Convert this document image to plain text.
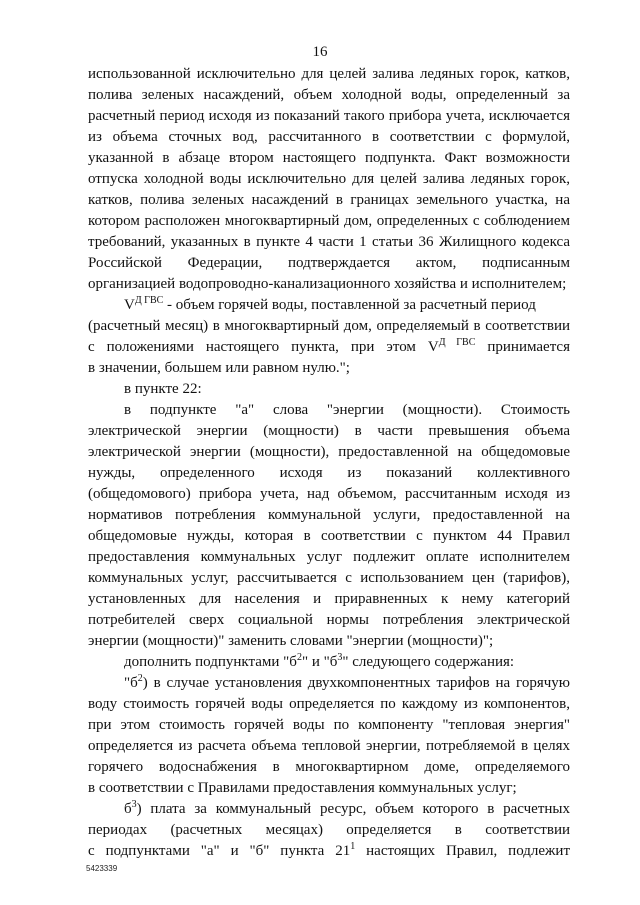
16
использованной исключительно для целей залива ледяных горок, катков,
полива зеленых насаждений, объем холодной воды, определенный за
расчетный период исходя из показаний такого прибора учета, исключается
из объема сточных вод, рассчитанного в соответствии с формулой,
указанной в абзаце втором настоящего подпункта. Факт возможности
отпуска холодной воды исключительно для целей залива ледяных горок,
катков, полива зеленых насаждений в границах земельного участка, на
котором расположен многоквартирный дом, определенных с соблюдением
требований, указанных в пункте 4 части 1 статьи 36 Жилищного кодекса
Российской Федерации, подтверждается актом, подписанным
организацией водопроводно-канализационного хозяйства и исполнителем;
$V^{Д ГВС}$ - объем горячей воды, поставленной за расчетный период
(расчетный месяц) в многоквартирный дом, определяемый в соответствии
с положениями настоящего пункта, при этом $V^{Д ГВС}$ принимается
в значении, большем или равном нулю.";
в пункте 22:
в подпункте "а" слова "энергии (мощности). Стоимость
электрической энергии (мощности) в части превышения объема
электрической энергии (мощности), предоставленной на общедомовые
нужды, определенного исходя из показаний коллективного
(общедомового) прибора учета, над объемом, рассчитанным исходя из
нормативов потребления коммунальной услуги, предоставленной на
общедомовые нужды, которая в соответствии с пунктом 44 Правил
предоставления коммунальных услуг подлежит оплате исполнителем
коммунальных услуг, рассчитывается с использованием цен (тарифов),
установленных для населения и приравненных к нему категорий
потребителей сверх социальной нормы потребления электрической
энергии (мощности)" заменить словами "энергии (мощности)";
дополнить подпунктами "$б^2$" и "$б^3$" следующего содержания:
"$б^2$) в случае установления двухкомпонентных тарифов на горячую
воду стоимость горячей воды определяется по каждому из компонентов,
при этом стоимость горячей воды по компоненту "тепловая энергия"
определяется из расчета объема тепловой энергии, потребляемой в целях
горячего водоснабжения в многоквартирном доме, определяемого
в соответствии с Правилами предоставления коммунальных услуг;
$б^3$) плата за коммунальный ресурс, объем которого в расчетных
периодах (расчетных месяцах) определяется в соответствии
с подпунктами "а" и "б" пункта $21^1$ настоящих Правил, подлежит
5423339
